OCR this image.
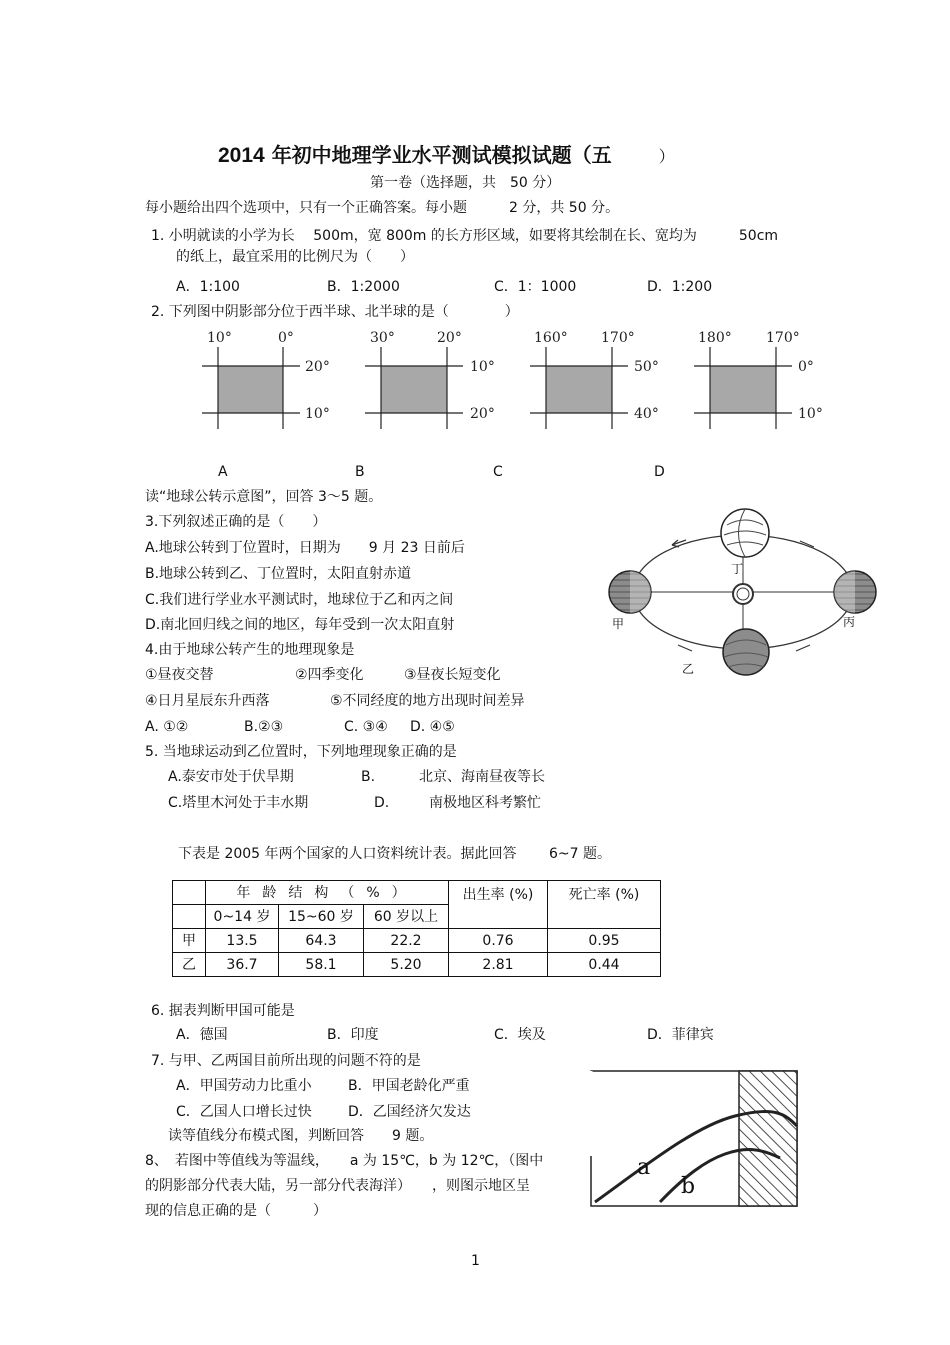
2014 年初中地理学业水平测试模拟试题（五	）
第一卷（选择题，共　50 分）
每小题给出四个选项中，只有一个正确答案。每小题　　　2 分，共 50 分。
1. 小明就读的小学为长　 500m，宽 800m 的长方形区域，如要将其绘制在长、宽均为　　　50cm
的纸上，最宜采用的比例尺为（　　）
A．1:100	B．1:2000	C．1：1000	D．1:200
2. 下列图中阴影部分位于西半球、北半球的是（　　　　）
10°	0°
20°
10°
30°	20°
10°
20°
160° 170°
50°
40°
180° 170°
0°
10°
A	B	C	D
读“地球公转示意图”，回答 3～5 题。
3.下列叙述正确的是（　　）
A.地球公转到丁位置时，日期为　　9 月 23 日前后
B.地球公转到乙、丁位置时，太阳直射赤道
C.我们进行学业水平测试时，地球位于乙和丙之间
D.南北回归线之间的地区，每年受到一次太阳直射
丁
甲	丙
乙
4.由于地球公转产生的地理现象是
①昼夜交替	②四季变化	③昼夜长短变化
④日月星辰东升西落	⑤不同经度的地方出现时间差异
A. ①②	B.②③	C. ③④ D. ④⑤
5. 当地球运动到乙位置时，下列地理现象正确的是
A.泰安市处于伏旱期	B.	北京、海南昼夜等长
C.塔里木河处于丰水期	D.	南极地区科考繁忙
下表是 2005 年两个国家的人口资料统计表。据此回答　　 6~7 题。
	年龄结构（%）			出生率 (%)	死亡率 (%)
	0~14 岁	15~60 岁	60 岁以上		
甲	13.5	64.3	22.2	0.76	0.95
乙	36.7	58.1	5.20	2.81	0.44
6. 据表判断甲国可能是
A．德国	B．印度	C．埃及	D．菲律宾
7. 与甲、乙两国目前所出现的问题不符的是
A．甲国劳动力比重小	B．甲国老龄化严重
C．乙国人口增长过快	D．乙国经济欠发达
读等值线分布模式图，判断回答　　9 题。
8、　若图中等值线为等温线，　　a 为 15℃，b 为 12℃，（图中
的阴影部分代表大陆，另一部分代表海洋）　　，则图示地区呈
现的信息正确的是（　　　）
a
b
1
